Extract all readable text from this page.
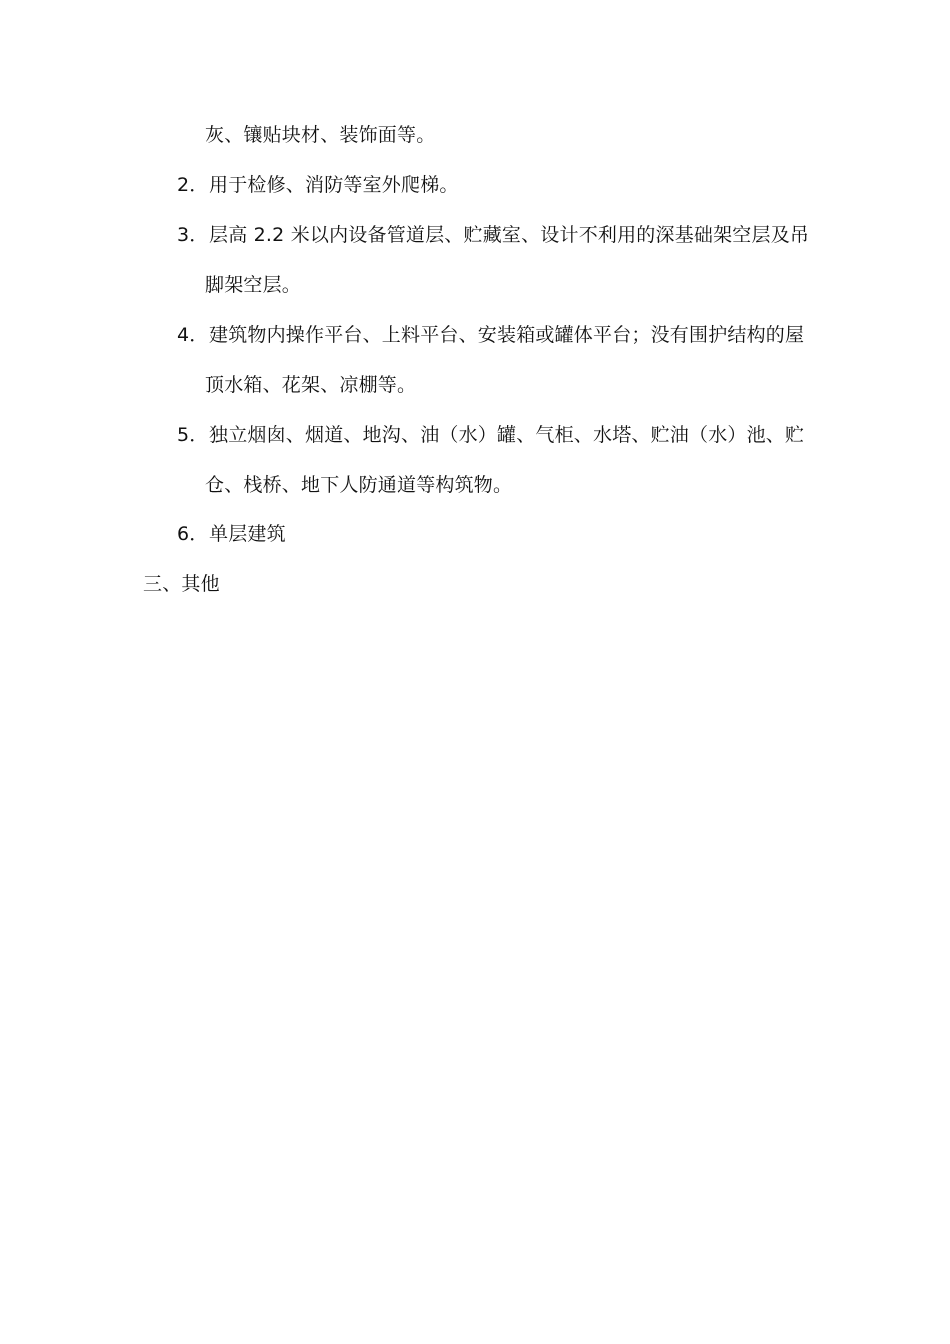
灰、镶贴块材、装饰面等。
2．用于检修、消防等室外爬梯。
3．层高 2.2 米以内设备管道层、贮藏室、设计不利用的深基础架空层及吊
脚架空层。
4．建筑物内操作平台、上料平台、安装箱或罐体平台；没有围护结构的屋
顶水箱、花架、凉棚等。
5．独立烟囱、烟道、地沟、油（水）罐、气柜、水塔、贮油（水）池、贮
仓、栈桥、地下人防通道等构筑物。
6．单层建筑
三、其他
